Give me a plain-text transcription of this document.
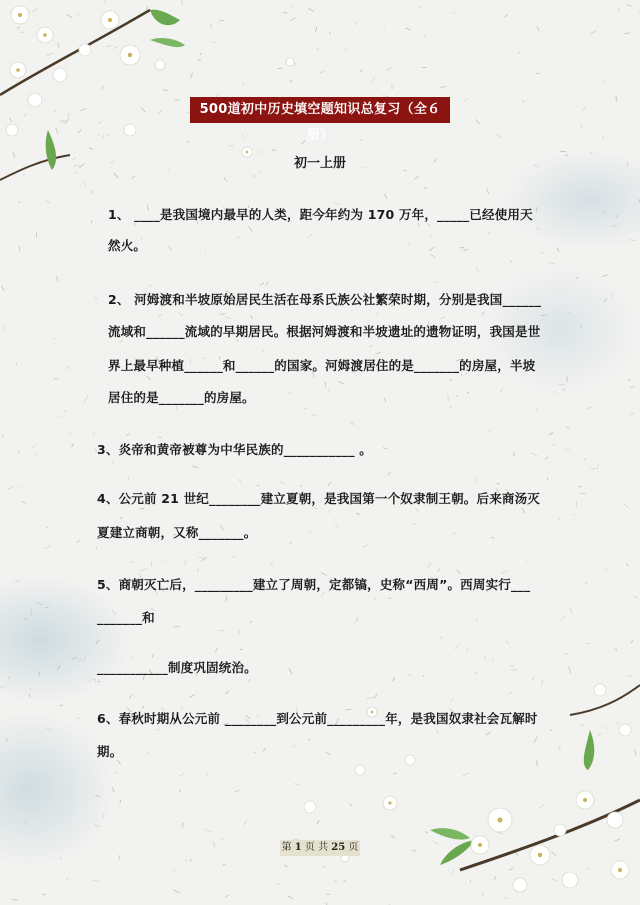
500道初中历史填空题知识总复习（全６册）
初一上册
1、 ____是我国境内最早的人类，距今年约为 170 万年，_____已经使用天
然火。
2、 河姆渡和半坡原始居民生活在母系氏族公社繁荣时期，分别是我国______
流域和______流域的早期居民。根据河姆渡和半坡遗址的遗物证明，我国是世
界上最早种植______和______的国家。河姆渡居住的是_______的房屋，半坡
居住的是_______的房屋。
3、炎帝和黄帝被尊为中华民族的___________ 。
4、公元前 21 世纪________建立夏朝，是我国第一个奴隶制王朝。后来商汤灭
夏建立商朝，又称_______。
5、商朝灭亡后，_________建立了周朝，定都镐，史称“西周”。西周实行___
_______和
___________制度巩固统治。
6、春秋时期从公元前 ________到公元前_________年，是我国奴隶社会瓦解时
期。
第 1 页 共 25 页
